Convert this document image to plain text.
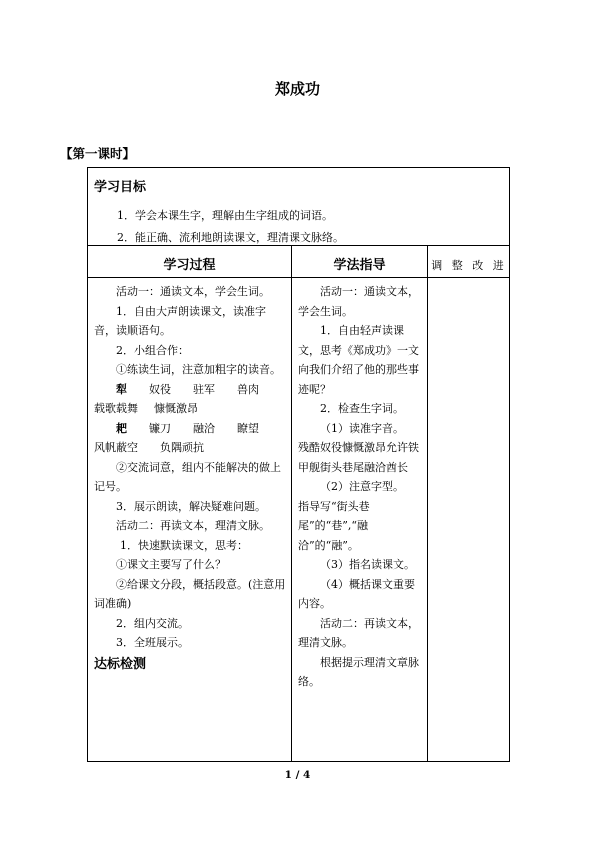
郑成功
【第一课时】
学习目标
1．学会本课生字，理解由生字组成的词语。
2．能正确、流利地朗读课文，理清课文脉络。
学习过程	学法指导	调 整 改 进

活动一：通读文本，学会生词。

1．自由大声朗读课文，读准字音，读顺语句。

2．小组合作：

①练读生词，注意加粗字的读音。

犁 奴役 驻军 兽肉
载歌载舞 慷慨激昂
耙 镰刀 融洽 瞭望
风帆蔽空 负隅顽抗

②交流词意，组内不能解决的做上记号。

3．展示朗读，解决疑难问题。

活动二：再读文本，理清文脉。

1．快速默读课文，思考：

①课文主要写了什么？

②给课文分段，概括段意。(注意用词准确)

2．组内交流。

3．全班展示。

达标检测

活动一：通读文本，学会生词。

1．自由轻声读课文，思考《郑成功》一文向我们介绍了他的那些事迹呢？

2．检查生字词。

（1）读准字音。

残酷奴役慷慨激昂允许铁甲舰街头巷尾融洽酋长

（2）注意字型。

指导写“街头巷尾”的“巷”,“融洽”的“融”。

（3）指名读课文。

（4）概括课文重要内容。

活动二：再读文本，理清文脉。

根据提示理清文章脉络。

1 / 4
